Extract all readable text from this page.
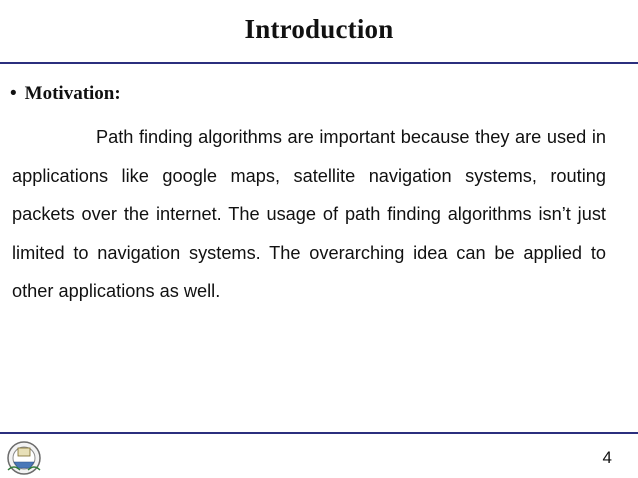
Introduction
• Motivation:

Path finding algorithms are important because they are used in applications like google maps, satellite navigation systems, routing packets over the internet. The usage of path finding algorithms isn’t just limited to navigation systems. The overarching idea can be applied to other applications as well.

4
